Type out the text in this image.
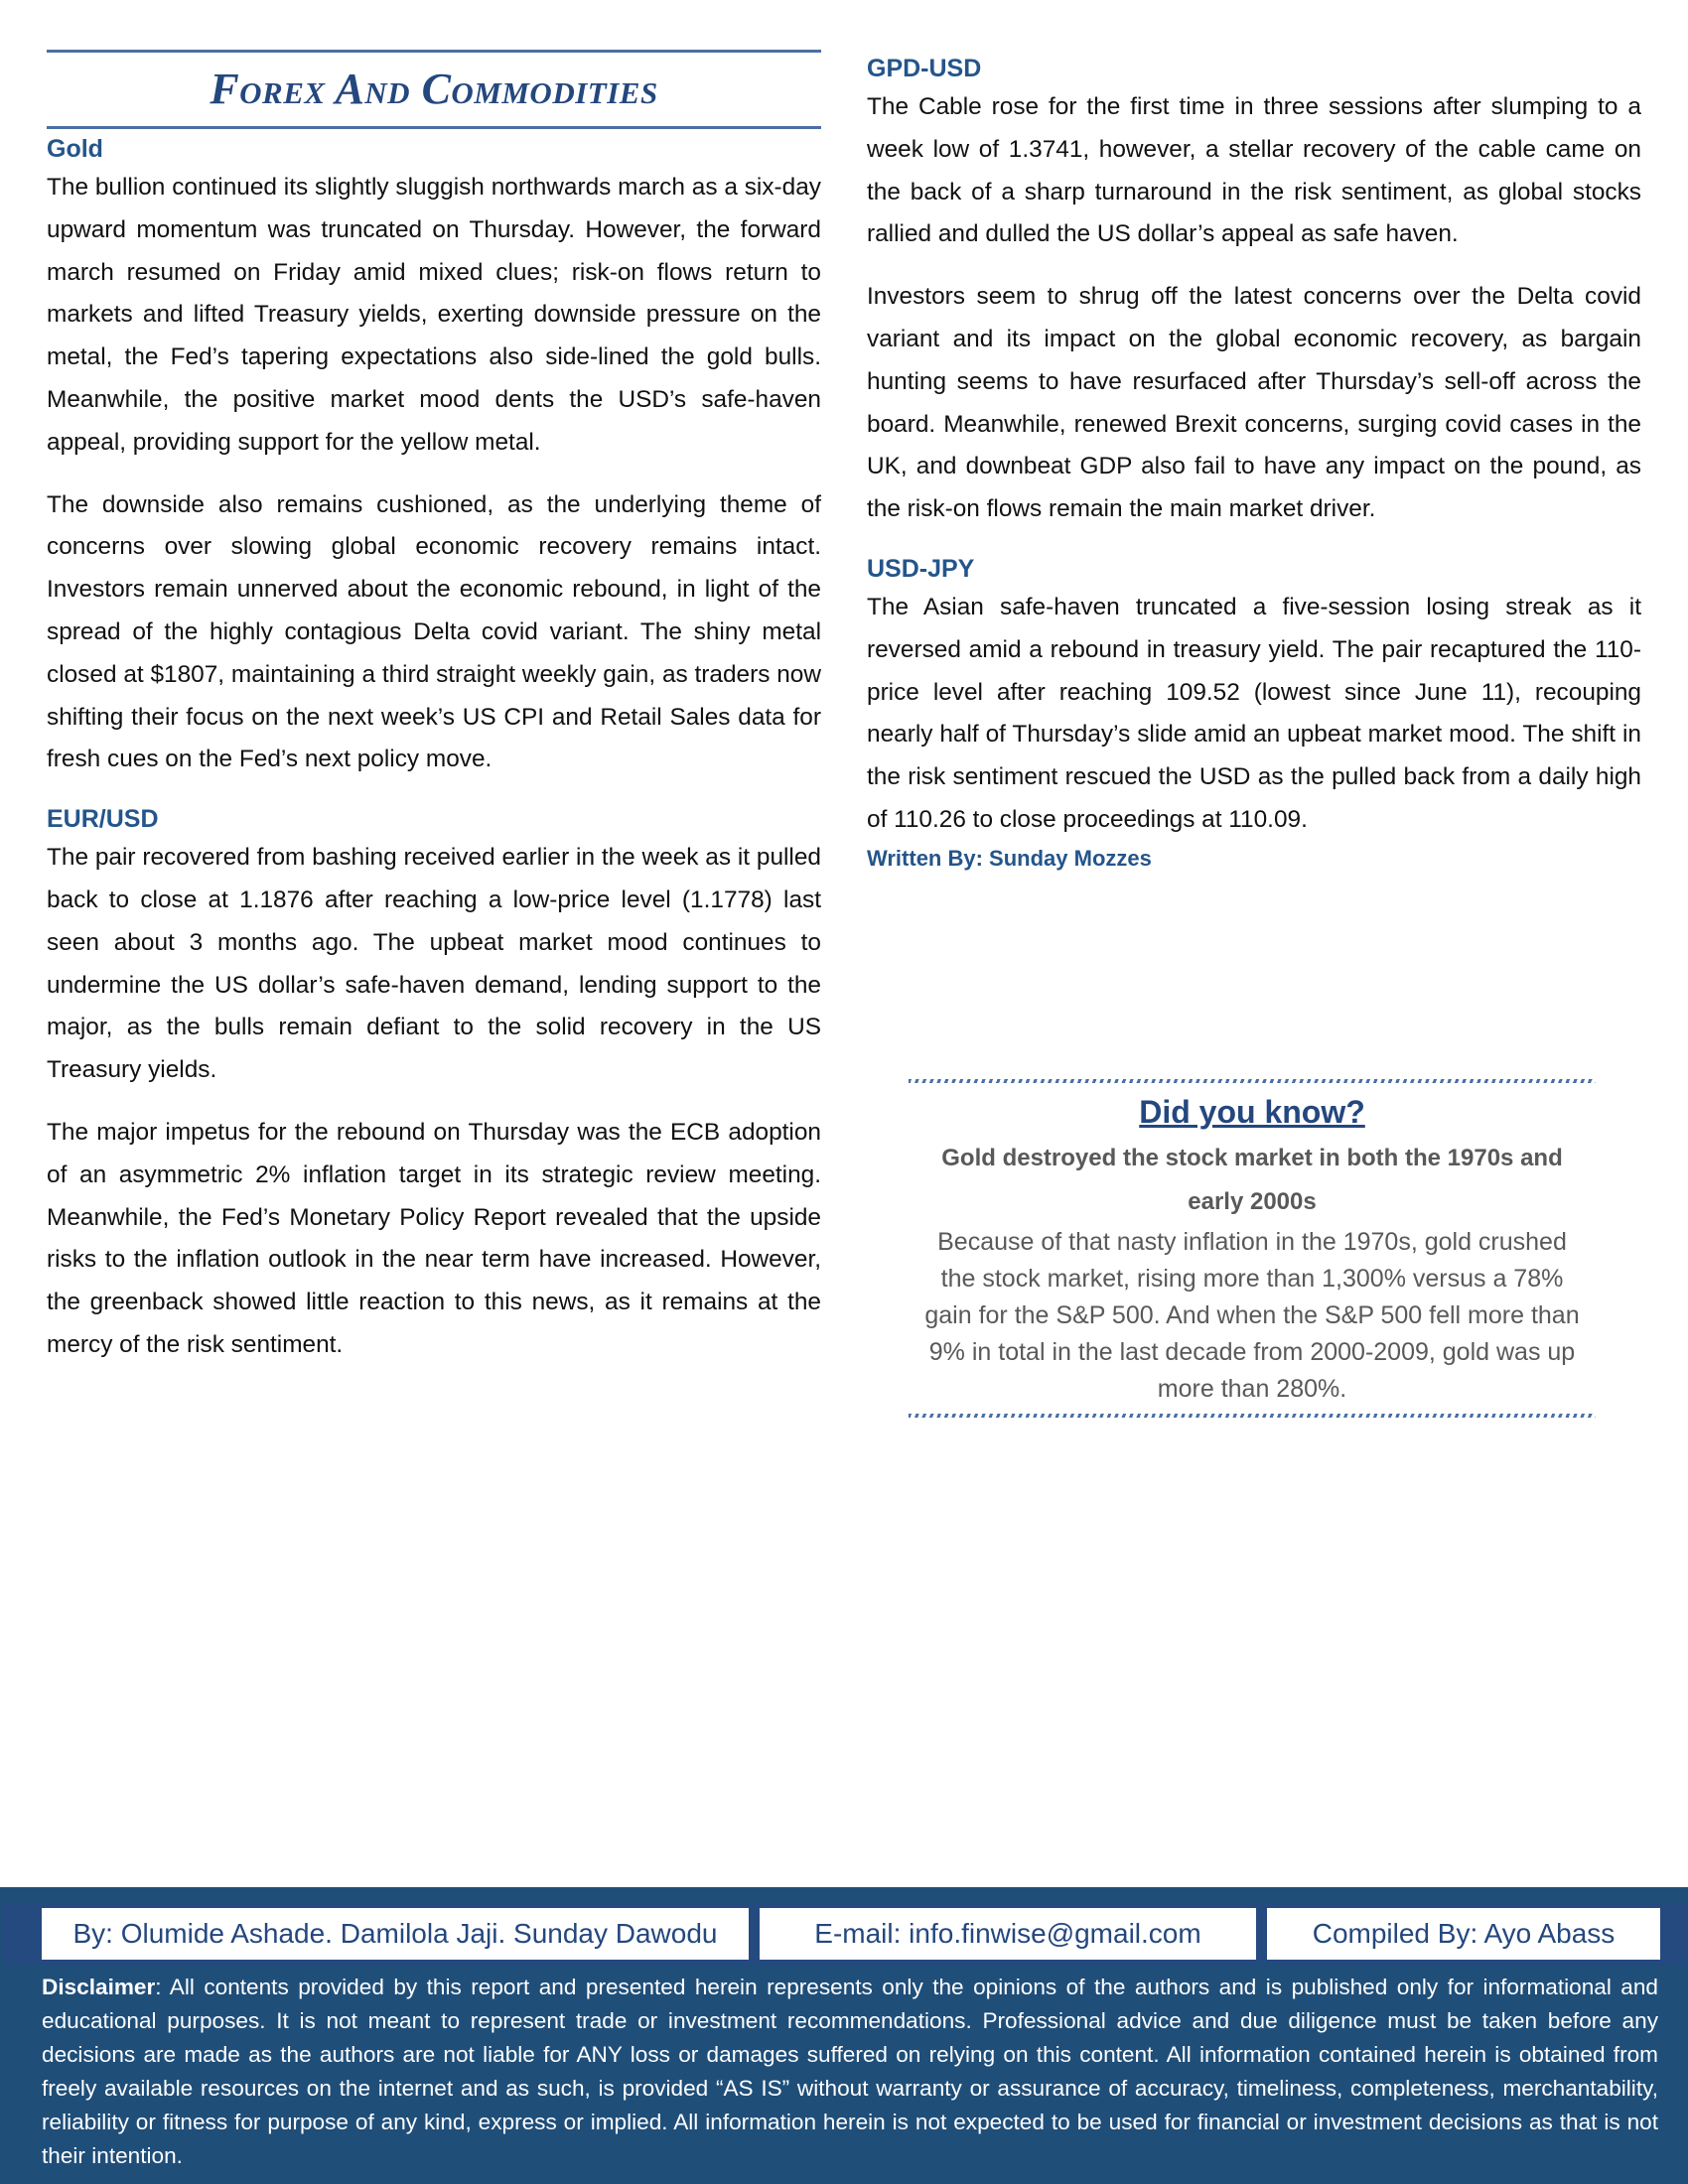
Forex And Commodities
Gold

The bullion continued its slightly sluggish northwards march as a six-day upward momentum was truncated on Thursday. However, the forward march resumed on Friday amid mixed clues; risk-on flows return to markets and lifted Treasury yields, exerting downside pressure on the metal, the Fed’s tapering expectations also side-lined the gold bulls. Meanwhile, the positive market mood dents the USD’s safe-haven appeal, providing support for the yellow metal.

The downside also remains cushioned, as the underlying theme of concerns over slowing global economic recovery remains intact. Investors remain unnerved about the economic rebound, in light of the spread of the highly contagious Delta covid variant. The shiny metal closed at $1807, maintaining a third straight weekly gain, as traders now shifting their focus on the next week’s US CPI and Retail Sales data for fresh cues on the Fed’s next policy move.

EUR/USD

The pair recovered from bashing received earlier in the week as it pulled back to close at 1.1876 after reaching a low-price level (1.1778) last seen about 3 months ago. The upbeat market mood continues to undermine the US dollar’s safe-haven demand, lending support to the major, as the bulls remain defiant to the solid recovery in the US Treasury yields.

The major impetus for the rebound on Thursday was the ECB adoption of an asymmetric 2% inflation target in its strategic review meeting. Meanwhile, the Fed’s Monetary Policy Report revealed that the upside risks to the inflation outlook in the near term have increased. However, the greenback showed little reaction to this news, as it remains at the mercy of the risk sentiment.

GPD-USD

The Cable rose for the first time in three sessions after slumping to a week low of 1.3741, however, a stellar recovery of the cable came on the back of a sharp turnaround in the risk sentiment, as global stocks rallied and dulled the US dollar’s appeal as safe haven.

Investors seem to shrug off the latest concerns over the Delta covid variant and its impact on the global economic recovery, as bargain hunting seems to have resurfaced after Thursday’s sell-off across the board. Meanwhile, renewed Brexit concerns, surging covid cases in the UK, and downbeat GDP also fail to have any impact on the pound, as the risk-on flows remain the main market driver.

USD-JPY

The Asian safe-haven truncated a five-session losing streak as it reversed amid a rebound in treasury yield. The pair recaptured the 110-price level after reaching 109.52 (lowest since June 11), recouping nearly half of Thursday’s slide amid an upbeat market mood. The shift in the risk sentiment rescued the USD as the pulled back from a daily high of 110.26 to close proceedings at 110.09.

Written By: Sunday Mozzes
Did you know?
Gold destroyed the stock market in both the 1970s and early 2000s
Because of that nasty inflation in the 1970s, gold crushed the stock market, rising more than 1,300% versus a 78% gain for the S&P 500. And when the S&P 500 fell more than 9% in total in the last decade from 2000-2009, gold was up more than 280%.
By: Olumide Ashade. Damilola Jaji. Sunday Dawodu	E-mail: info.finwise@gmail.com	Compiled By: Ayo Abass
Disclaimer: All contents provided by this report and presented herein represents only the opinions of the authors and is published only for informational and educational purposes. It is not meant to represent trade or investment recommendations. Professional advice and due diligence must be taken before any decisions are made as the authors are not liable for ANY loss or damages suffered on relying on this content. All information contained herein is obtained from freely available resources on the internet and as such, is provided “AS IS” without warranty or assurance of accuracy, timeliness, completeness, merchantability, reliability or fitness for purpose of any kind, express or implied. All information herein is not expected to be used for financial or investment decisions as that is not their intention.
